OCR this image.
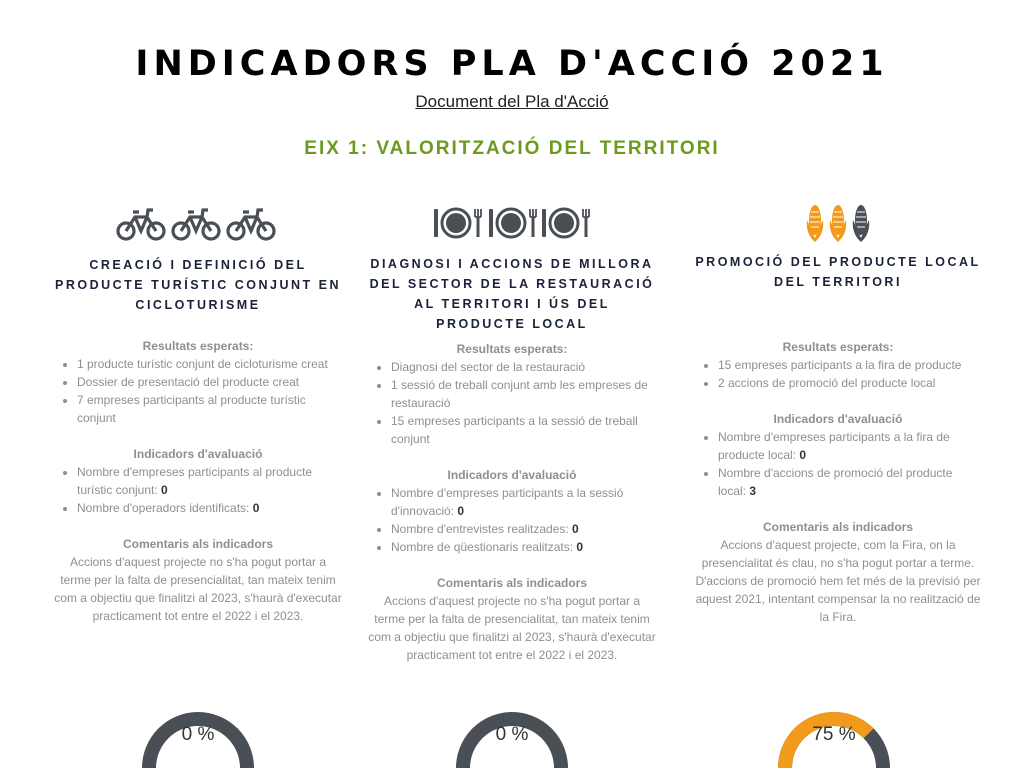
INDICADORS PLA D'ACCIÓ 2021
Document del Pla d'Acció
EIX 1: VALORITZACIÓ DEL TERRITORI
CREACIÓ I DEFINICIÓ DEL PRODUCTE TURÍSTIC CONJUNT EN CICLOTURISME
Resultats esperats:
• 1 producte turístic conjunt de cicloturisme creat
• Dossier de presentació del producte creat
• 7 empreses participants al producte turístic conjunt
Indicadors d'avaluació
• Nombre d'empreses participants al producte turístic conjunt: 0
• Nombre d'operadors identificats: 0
Comentaris als indicadors
Accions d'aquest projecte no s'ha pogut portar a terme per la falta de presencialitat, tan mateix tenim com a objectiu que finalitzi al 2023, s'haurà d'executar practicament tot entre el 2022 i el 2023.
DIAGNOSI I ACCIONS DE MILLORA DEL SECTOR DE LA RESTAURACIÓ AL TERRITORI I ÚS DEL PRODUCTE LOCAL
Resultats esperats:
• Diagnosi del sector de la restauració
• 1 sessió de treball conjunt amb les empreses de restauració
• 15 empreses participants a la sessió de treball conjunt
Indicadors d'avaluació
• Nombre d'empreses participants a la sessió d'innovació: 0
• Nombre d'entrevistes realitzades: 0
• Nombre de qüestionaris realitzats: 0
Comentaris als indicadors
Accions d'aquest projecte no s'ha pogut portar a terme per la falta de presencialitat, tan mateix tenim com a objectiu que finalitzi al 2023, s'haurà d'executar practicament tot entre el 2022 i el 2023.
PROMOCIÓ DEL PRODUCTE LOCAL DEL TERRITORI
Resultats esperats:
• 15 empreses participants a la fira de producte
• 2 accions de promoció del producte local
Indicadors d'avaluació
• Nombre d'empreses participants a la fira de producte local: 0
• Nombre d'accions de promoció del producte local: 3
Comentaris als indicadors
Accions d'aquest projecte, com la Fira, on la presencialitat és clau, no s'ha pogut portar a terme. D'accions de promoció hem fet més de la previsió per aquest 2021, intentant compensar la no realització de la Fira.
0 %	0 %	75 %
